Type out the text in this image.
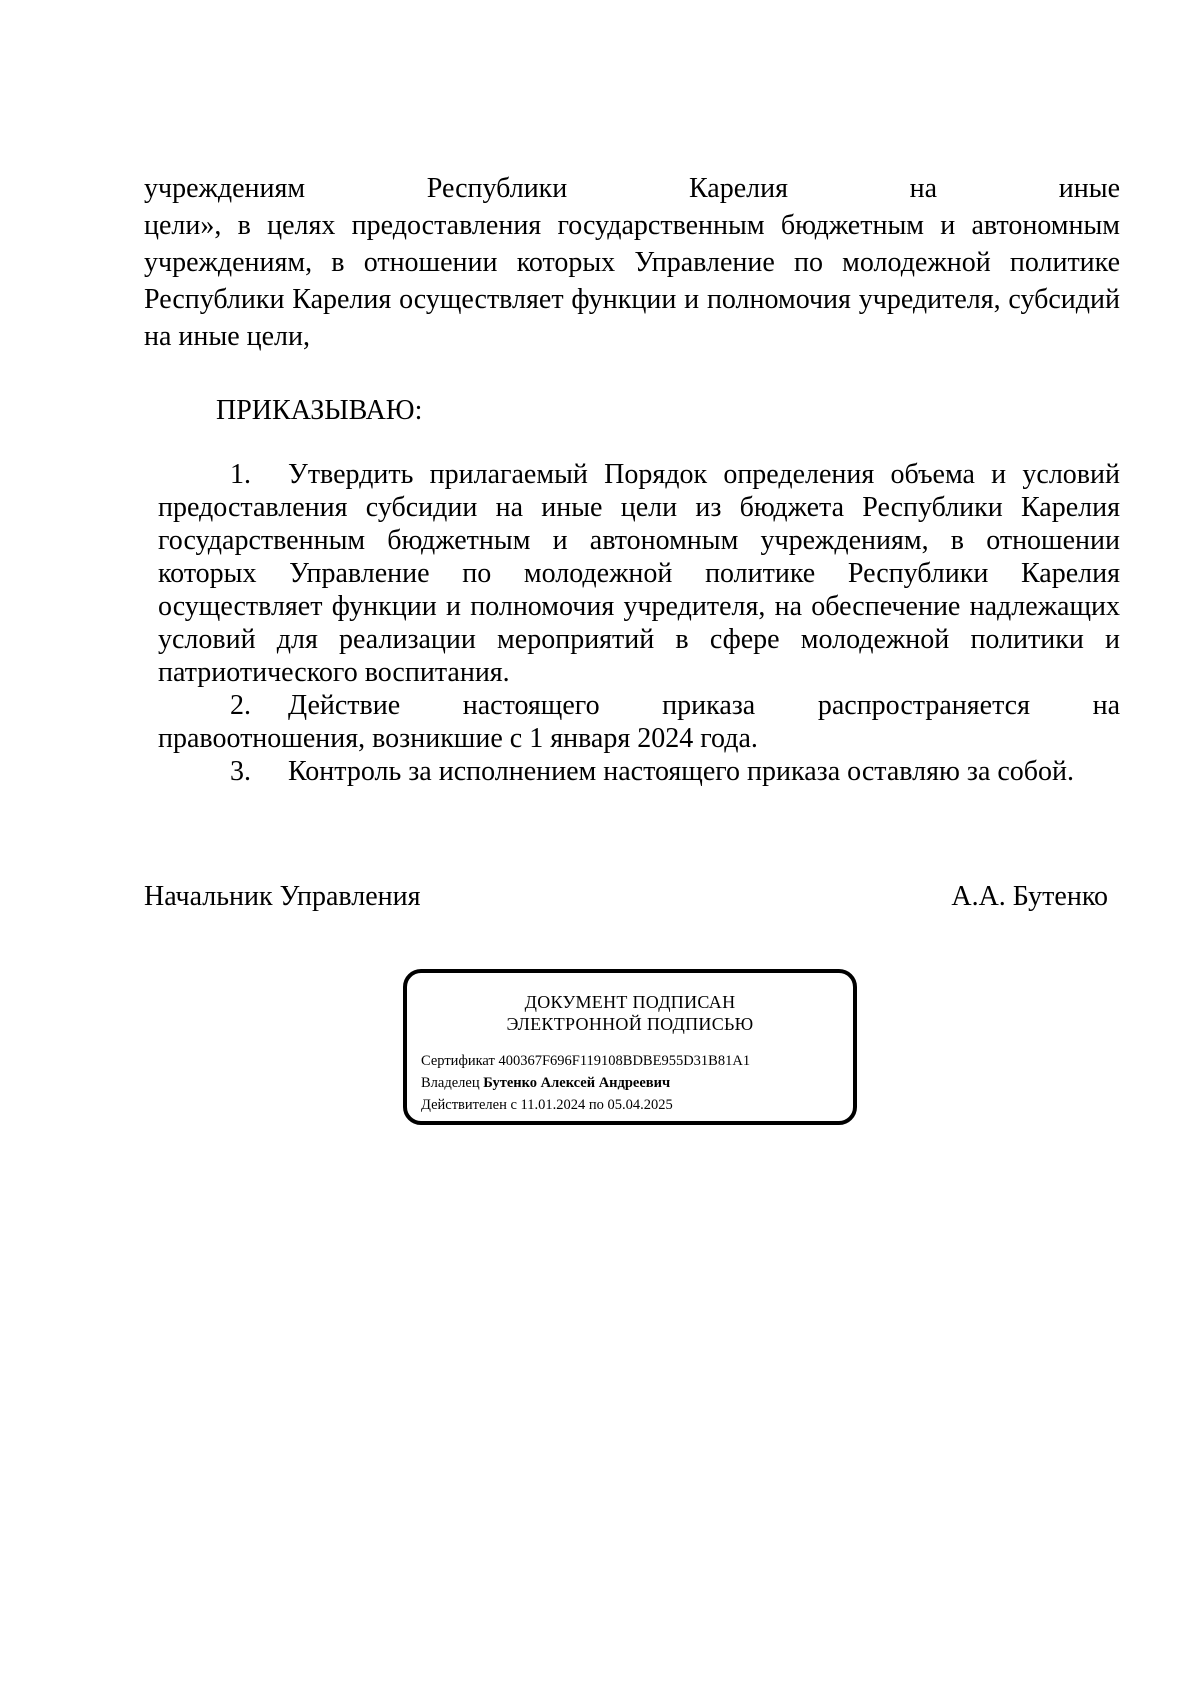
учреждениям Республики Карелия на иные
цели», в целях предоставления государственным бюджетным и автономным учреждениям, в отношении которых Управление по молодежной политике Республики Карелия осуществляет функции и полномочия учредителя, субсидий на иные цели,
ПРИКАЗЫВАЮ:
1. Утвердить прилагаемый Порядок определения объема и условий предоставления субсидии на иные цели из бюджета Республики Карелия государственным бюджетным и автономным учреждениям, в отношении которых Управление по молодежной политике Республики Карелия осуществляет функции и полномочия учредителя, на обеспечение надлежащих условий для реализации мероприятий в сфере молодежной политики и патриотического воспитания.
2. Действие настоящего приказа распространяется на
правоотношения, возникшие с 1 января 2024 года.
3. Контроль за исполнением настоящего приказа оставляю за собой.
Начальник Управления	А.А. Бутенко
ДОКУМЕНТ ПОДПИСАН
ЭЛЕКТРОННОЙ ПОДПИСЬЮ
Сертификат 400367F696F119108BDBE955D31B81A1
Владелец Бутенко Алексей Андреевич
Действителен с 11.01.2024 по 05.04.2025
